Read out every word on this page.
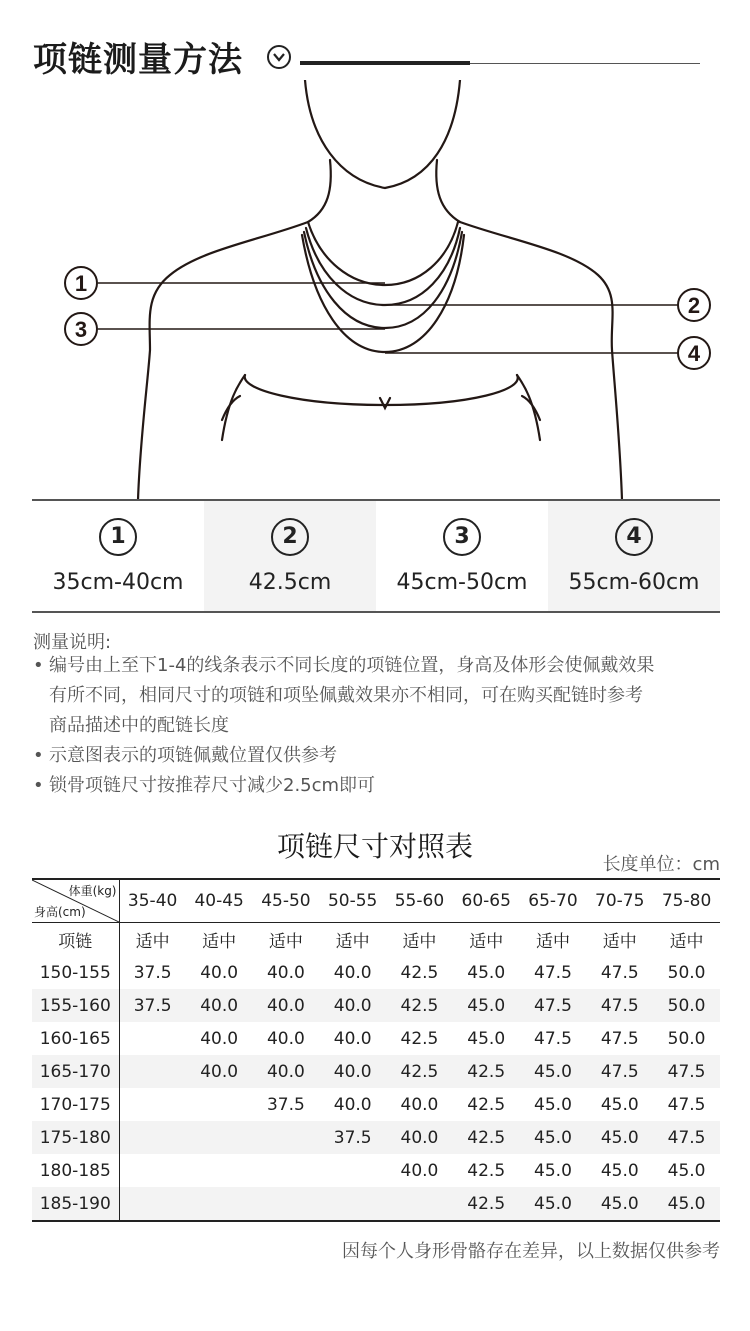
项链测量方法
1
2
3
4
1
35cm-40cm
2
42.5cm
3
45cm-50cm
4
55cm-60cm
测量说明:
• 编号由上至下1-4的线条表示不同长度的项链位置，身高及体形会使佩戴效果
有所不同，相同尺寸的项链和项坠佩戴效果亦不相同，可在购买配链时参考
商品描述中的配链长度
• 示意图表示的项链佩戴位置仅供参考
• 锁骨项链尺寸按推荐尺寸减少2.5cm即可
项链尺寸对照表
长度单位：cm
体重(kg)
身高(cm)	35-40	40-45	45-50	50-55	55-60	60-65	65-70	70-75	75-80
项链	适中	适中	适中	适中	适中	适中	适中	适中	适中
150-155	37.5	40.0	40.0	40.0	42.5	45.0	47.5	47.5	50.0
155-160	37.5	40.0	40.0	40.0	42.5	45.0	47.5	47.5	50.0
160-165		40.0	40.0	40.0	42.5	45.0	47.5	47.5	50.0
165-170		40.0	40.0	40.0	42.5	42.5	45.0	47.5	47.5
170-175			37.5	40.0	40.0	42.5	45.0	45.0	47.5
175-180				37.5	40.0	42.5	45.0	45.0	47.5
180-185					40.0	42.5	45.0	45.0	45.0
185-190						42.5	45.0	45.0	45.0
因每个人身形骨骼存在差异，以上数据仅供参考
